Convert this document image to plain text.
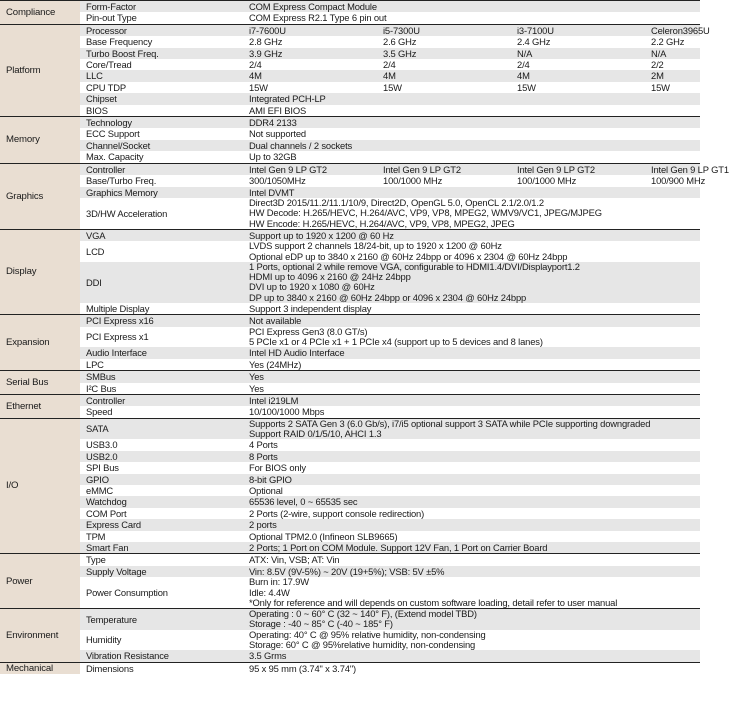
Compliance	Form-Factor	COM Express Compact Module			
	Pin-out Type	COM Express R2.1 Type 6 pin out			
Platform	Processor	i7-7600U	i5-7300U	i3-7100U	Celeron3965U
	Base Frequency	2.8 GHz	2.6 GHz	2.4 GHz	2.2 GHz
	Turbo Boost Freq.	3.9 GHz	3.5 GHz	N/A	N/A
	Core/Tread	2/4	2/4	2/4	2/2
	LLC	4M	4M	4M	2M
	CPU TDP	15W	15W	15W	15W
	Chipset	Integrated PCH-LP			
	BIOS	AMI EFI BIOS			
Memory	Technology	DDR4 2133			
	ECC Support	Not supported			
	Channel/Socket	Dual channels / 2 sockets			
	Max. Capacity	Up to 32GB			
Graphics	Controller	Intel Gen 9 LP GT2	Intel Gen 9 LP GT2	Intel Gen 9 LP GT2	Intel Gen 9 LP GT1
	Base/Turbo Freq.	300/1050MHz	100/1000 MHz	100/1000 MHz	100/900 MHz
	Graphics Memory	Intel DVMT			
	3D/HW Acceleration	Direct3D 2015/11.2/11.1/10/9, Direct2D, OpenGL 5.0, OpenCL 2.1/2.0/1.2
HW Decode: H.265/HEVC, H.264/AVC, VP9, VP8, MPEG2, WMV9/VC1, JPEG/MJPEG
HW Encode: H.265/HEVC, H.264/AVC, VP9, VP8, MPEG2, JPEG			

Display	VGA	Support up to 1920 x 1200 @ 60 Hz			
	LCD	LVDS support 2 channels 18/24-bit, up to 1920 x 1200 @ 60Hz
Optional eDP up to 3840 x 2160 @ 60Hz 24bpp or 4096 x 2304 @ 60Hz 24bpp			

	DDI	1 Ports, optional 2 while remove VGA, configurable to HDMI1.4/DVI/Displayport1.2
HDMI up to 4096 x 2160 @ 24Hz 24bpp
DVI up to 1920 x 1080 @ 60Hz
DP up to 3840 x 2160 @ 60Hz 24bpp or 4096 x 2304 @ 60Hz 24bpp			

	Multiple Display	Support 3 independent display			
Expansion	PCI Express x16	Not available			
	PCI Express x1	PCI Express Gen3 (8.0 GT/s)
5 PCIe x1 or 4 PCIe x1 + 1 PCIe x4 (support up to 5 devices and 8 lanes)			

	Audio Interface	Intel HD Audio Interface			
	LPC	Yes (24MHz)			
Serial Bus	SMBus	Yes			
	I²C Bus	Yes			
Ethernet	Controller	Intel i219LM			
	Speed	10/100/1000 Mbps			
I/O	SATA	Supports 2 SATA Gen 3 (6.0 Gb/s), i7/i5 optional support 3 SATA while PCIe supporting downgraded
Support RAID 0/1/5/10, AHCI 1.3			

	USB3.0	4 Ports			
	USB2.0	8 Ports			
	SPI Bus	For BIOS only			
	GPIO	8-bit GPIO			
	eMMC	Optional			
	Watchdog	65536 level, 0 ~ 65535 sec			
	COM Port	2 Ports (2-wire, support console redirection)			
	Express Card	2 ports			
	TPM	Optional TPM2.0 (Infineon SLB9665)			
	Smart Fan	2 Ports; 1 Port on COM Module. Support 12V Fan, 1 Port on Carrier Board			
Power	Type	ATX: Vin, VSB; AT: Vin			
	Supply Voltage	Vin: 8.5V (9V-5%) ~ 20V (19+5%); VSB: 5V ±5%			
	Power Consumption	Burn in: 17.9W
Idle: 4.4W
*Only for reference and will depends on custom software loading, detail refer to user manual			

Environment	Temperature	Operating : 0 ~ 60° C (32 ~ 140° F), (Extend model TBD)
Storage : -40 ~ 85° C (-40 ~ 185° F)			

	Humidity	Operating: 40° C @ 95% relative humidity, non-condensing
Storage: 60° C @ 95%relative humidity, non-condensing			

	Vibration Resistance	3.5 Grms			
Mechanical	Dimensions	95 x 95 mm (3.74" x 3.74")			
